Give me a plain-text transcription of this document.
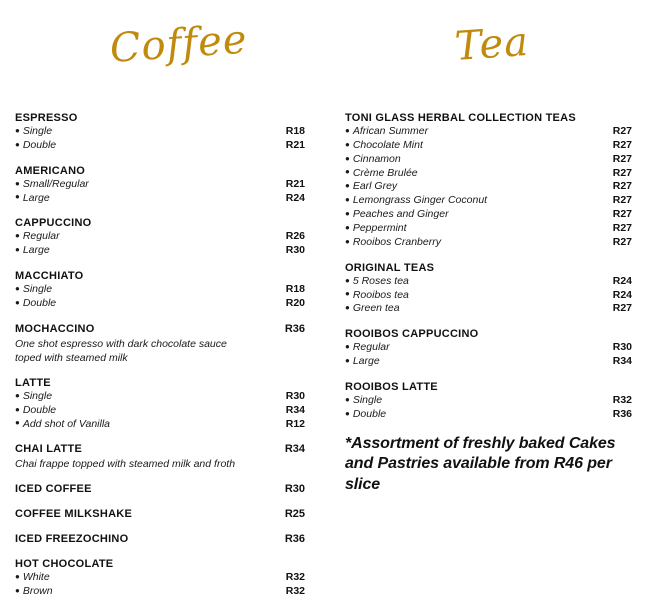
Coffee	Tea
ESPRESSO
● Single	R18
● Double	R21
AMERICANO
● Small/Regular	R21
● Large	R24
CAPPUCCINO
● Regular	R26
● Large	R30
MACCHIATO
● Single	R18
● Double	R20
MOCHACCINO	R36
One shot espresso with dark chocolate sauce toped with steamed milk
LATTE
● Single	R30
● Double	R34
● Add shot of Vanilla	R12
CHAI LATTE	R34
Chai frappe topped with steamed milk and froth
ICED COFFEE	R30
COFFEE MILKSHAKE	R25
ICED FREEZOCHINO	R36
HOT CHOCOLATE
● White	R32
● Brown	R32
TONI GLASS HERBAL COLLECTION TEAS
● African Summer	R27
● Chocolate Mint	R27
● Cinnamon	R27
● Crème Brulée	R27
● Earl Grey	R27
● Lemongrass Ginger Coconut	R27
● Peaches and Ginger	R27
● Peppermint	R27
● Rooibos Cranberry	R27
ORIGINAL TEAS
● 5 Roses tea	R24
● Rooibos tea	R24
● Green tea	R27
ROOIBOS CAPPUCCINO
● Regular	R30
● Large	R34
ROOIBOS LATTE
● Single	R32
● Double	R36
*Assortment of freshly baked Cakes and Pastries available from R46 per slice
